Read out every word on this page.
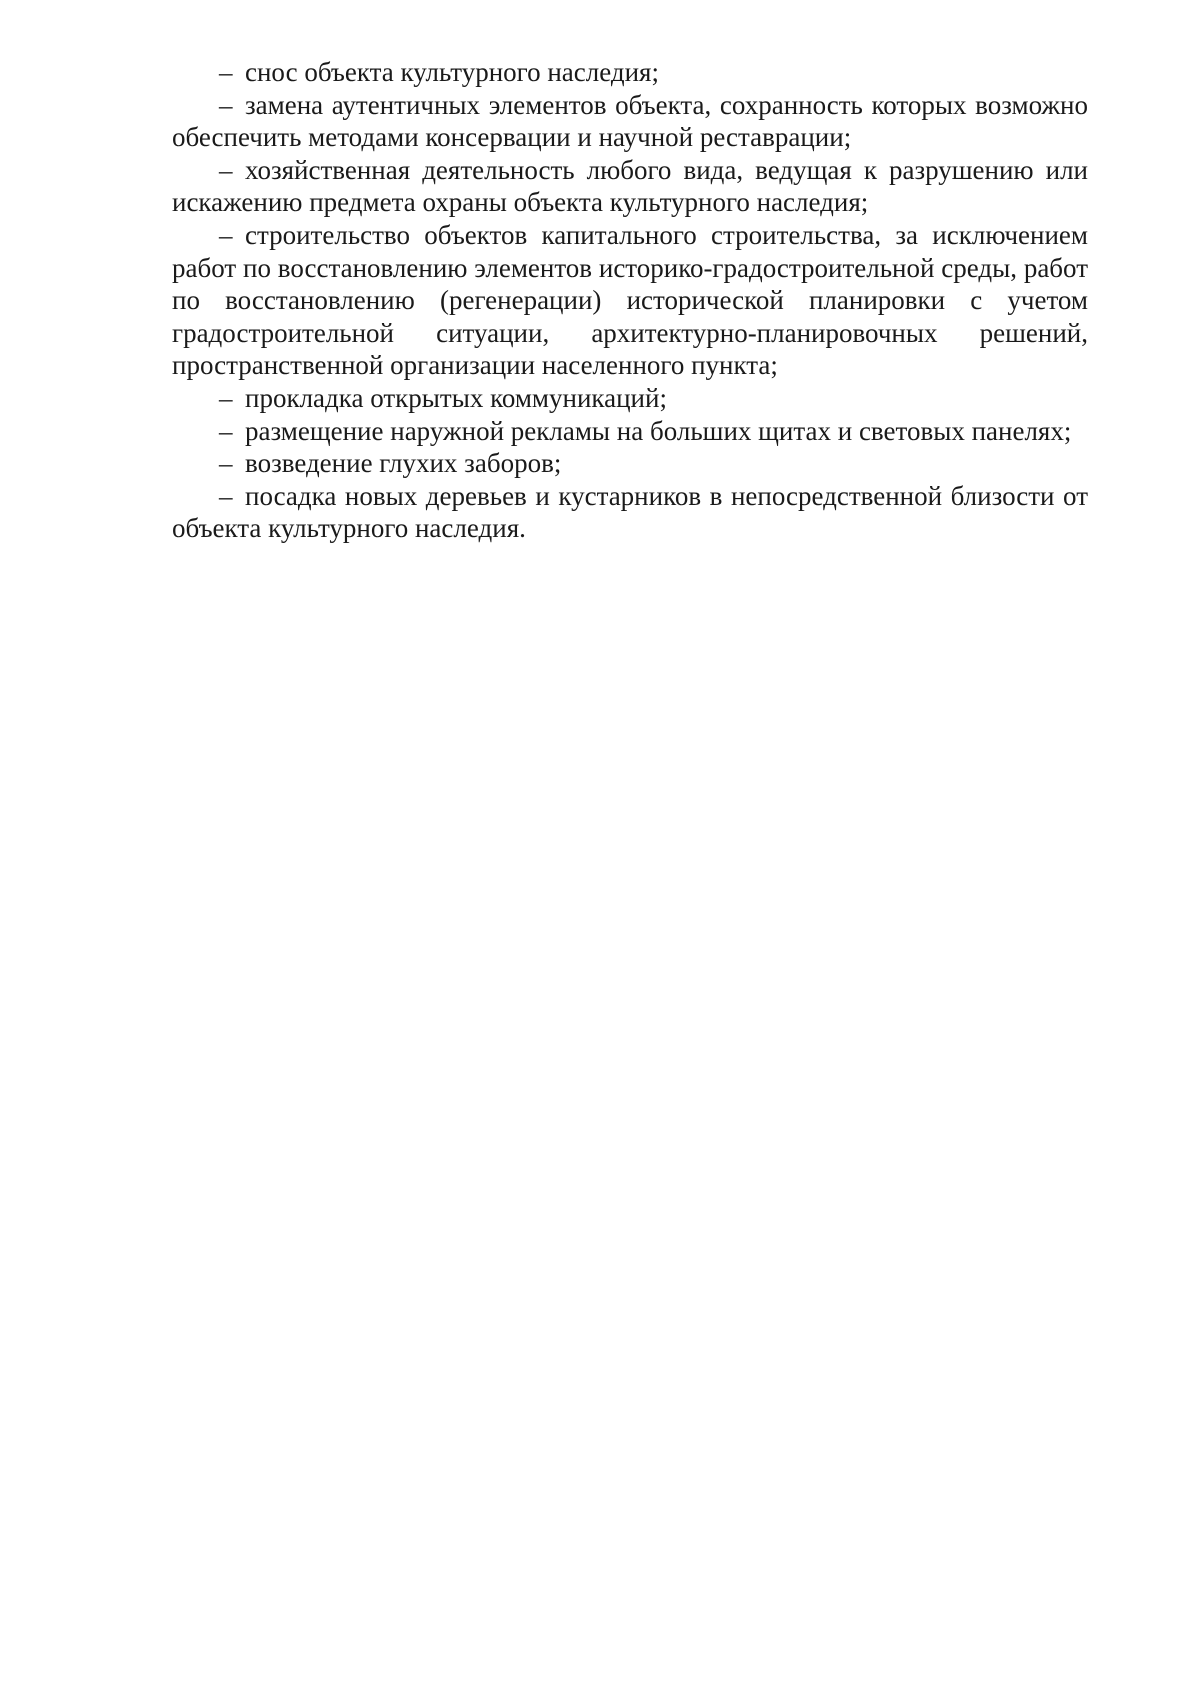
– снос объекта культурного наследия;

– замена аутентичных элементов объекта, сохранность которых возможно обеспечить методами консервации и научной реставрации;

– хозяйственная деятельность любого вида, ведущая к разрушению или искажению предмета охраны объекта культурного наследия;

– строительство объектов капитального строительства, за исключением работ по восстановлению элементов историко-градостроительной среды, работ по восстановлению (регенерации) исторической планировки с учетом градостроительной ситуации, архитектурно-планировочных решений, пространственной организации населенного пункта;

– прокладка открытых коммуникаций;

– размещение наружной рекламы на больших щитах и световых панелях;

– возведение глухих заборов;

– посадка новых деревьев и кустарников в непосредственной близости от объекта культурного наследия.
